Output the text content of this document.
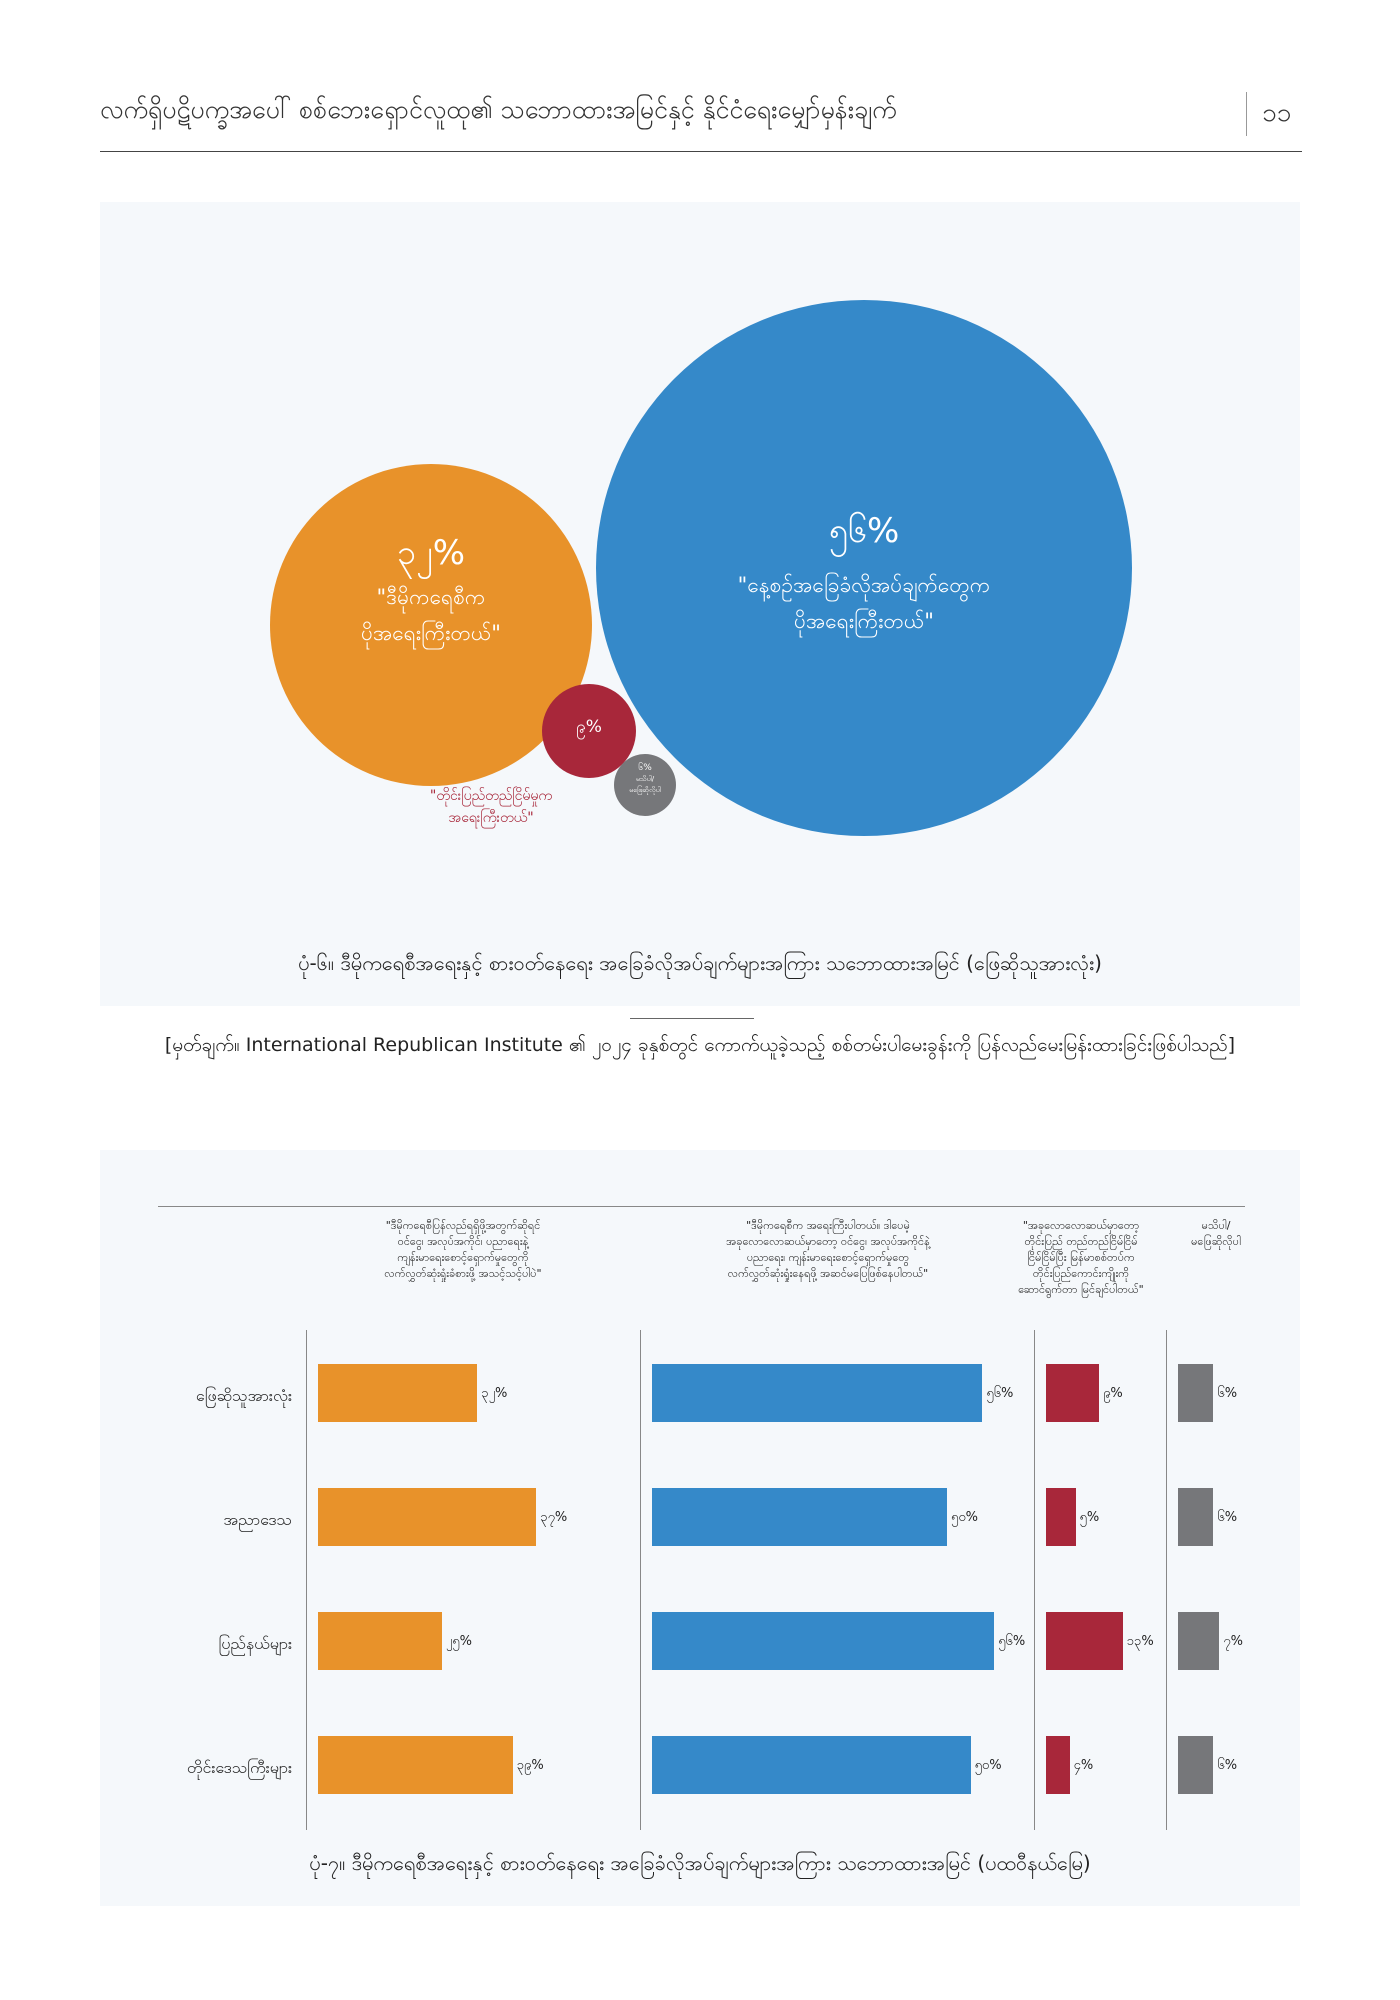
လက်ရှိပဋိပက္ခအပေါ် စစ်ဘေးရှောင်လူထု၏ သဘောထားအမြင်နှင့် နိုင်ငံရေးမျှော်မှန်းချက်	၁၁
၃၂%
"ဒီမိုကရေစီက
ပိုအရေးကြီးတယ်"
၅၆%
"နေ့စဉ်အခြေခံလိုအပ်ချက်တွေက
ပိုအရေးကြီးတယ်"
၉%
"တိုင်းပြည်တည်ငြိမ်မှုက
အရေးကြီးတယ်"
၆%
မသိပါ/
မဖြေဆိုလိုပါ
ပုံ-၆။ ဒီမိုကရေစီအရေးနှင့် စားဝတ်နေရေး အခြေခံလိုအပ်ချက်များအကြား သဘောထားအမြင် (ဖြေဆိုသူအားလုံး)
[မှတ်ချက်။ International Republican Institute ၏ ၂၀၂၄ ခုနှစ်တွင် ကောက်ယူခဲ့သည့် စစ်တမ်းပါမေးခွန်းကို ပြန်လည်မေးမြန်းထားခြင်းဖြစ်ပါသည်]
"ဒီမိုကရေစီပြန်လည်ရရှိဖို့အတွက်ဆိုရင်
ဝင်ငွေ၊ အလုပ်အကိုင်၊ ပညာရေးနဲ့
ကျန်းမာရေးစောင့်ရှောက်မှုတွေကို
လက်လွှတ်ဆုံးရှုံးခံစားဖို့ အသင့်သင့်ပါပဲ"
"ဒီမိုကရေစီက အရေးကြီးပါတယ်။ ဒါပေမဲ့
အခုလောလောဆယ်မှာတော့ ဝင်ငွေ၊ အလုပ်အကိုင်နဲ့
ပညာရေး၊ ကျန်းမာရေးစောင့်ရှောက်မှုတွေ
လက်လွှတ်ဆုံးရှုံးနေရဖို့ အဆင်မပြေဖြစ်နေပါတယ်"
"အခုလောလောဆယ်မှာတော့
တိုင်းပြည် တည်တည်ငြိမ်ငြိမ်
ငြိမ်ငြိမ်ပြီး မြန်မာစစ်တပ်က
တိုင်းပြည်ကောင်းကျိုးကို
ဆောင်ရွက်တာ မြင်ချင်ပါတယ်"
မသိပါ/
မဖြေဆိုလိုပါ
ဖြေဆိုသူအားလုံး
အညာဒေသ
ပြည်နယ်များ
တိုင်းဒေသကြီးများ
၃၂%	၅၆%	၉%	၆%
၃၇%	၅၀%	၅%	၆%
၂၅%	၅၆%	၁၃%	၇%
၃၉%	၅၀%	၄%	၆%
ပုံ-၇။ ဒီမိုကရေစီအရေးနှင့် စားဝတ်နေရေး အခြေခံလိုအပ်ချက်များအကြား သဘောထားအမြင် (ပထဝီနယ်မြေ)
